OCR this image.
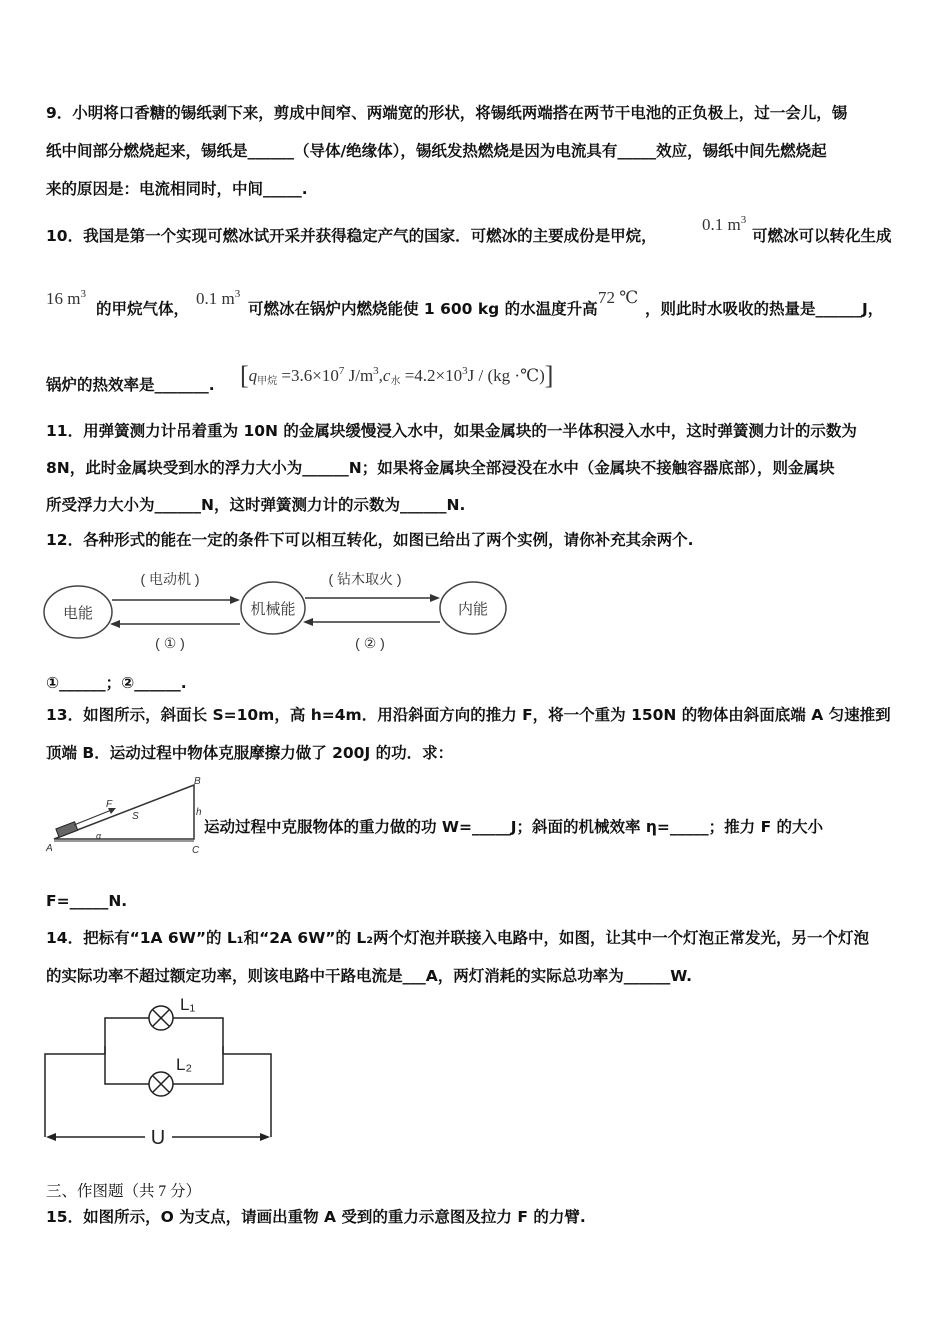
9．小明将口香糖的锡纸剥下来，剪成中间窄、两端宽的形状，将锡纸两端搭在两节干电池的正负极上，过一会儿，锡
纸中间部分燃烧起来，锡纸是______（导体/绝缘体），锡纸发热燃烧是因为电流具有_____效应，锡纸中间先燃烧起
来的原因是：电流相同时，中间_____.
10．我国是第一个实现可燃冰试开采并获得稳定产气的国家．可燃冰的主要成份是甲烷，
0.1 $m^3$
可燃冰可以转化生成
16 $m^3$
的甲烷气体，
0.1 $m^3$
可燃冰在锅炉内燃烧能使 1 600 kg 的水温度升高
72 ℃
，则此时水吸收的热量是______J，
锅炉的热效率是_______. [$q_{甲烷} =3.6\times 10^7$ $J/m^3,c_水 =4.2\times 10^3J / (kg$ ·℃)]
11．用弹簧测力计吊着重为 10N 的金属块缓慢浸入水中，如果金属块的一半体积浸入水中，这时弹簧测力计的示数为
8N，此时金属块受到水的浮力大小为______N；如果将金属块全部浸没在水中（金属块不接触容器底部），则金属块
所受浮力大小为______N，这时弹簧测力计的示数为______N.
12．各种形式的能在一定的条件下可以相互转化，如图已给出了两个实例，请你补充其余两个.
电能	机械能	内能
( 电动机 )	( 钻木取火 )
( ① )	( ② )
①______；②______.
13．如图所示，斜面长 S=10m，高 h=4m．用沿斜面方向的推力 F，将一个重为 150N 的物体由斜面底端 A 匀速推到
顶端 B．运动过程中物体克服摩擦力做了 200J 的功．求：
F
S	h
B
A	C
α	运动过程中克服物体的重力做的功 W=_____J；斜面的机械效率 η=_____；推力 F 的大小
F=_____N.
14．把标有“1A 6W”的 L₁和“2A 6W”的 L₂两个灯泡并联接入电路中，如图，让其中一个灯泡正常发光，另一个灯泡
的实际功率不超过额定功率，则该电路中干路电流是___A，两灯消耗的实际总功率为______W.
L₁
L₂
U
三、作图题（共 7 分）
15．如图所示，O 为支点，请画出重物 A 受到的重力示意图及拉力 F 的力臂.
